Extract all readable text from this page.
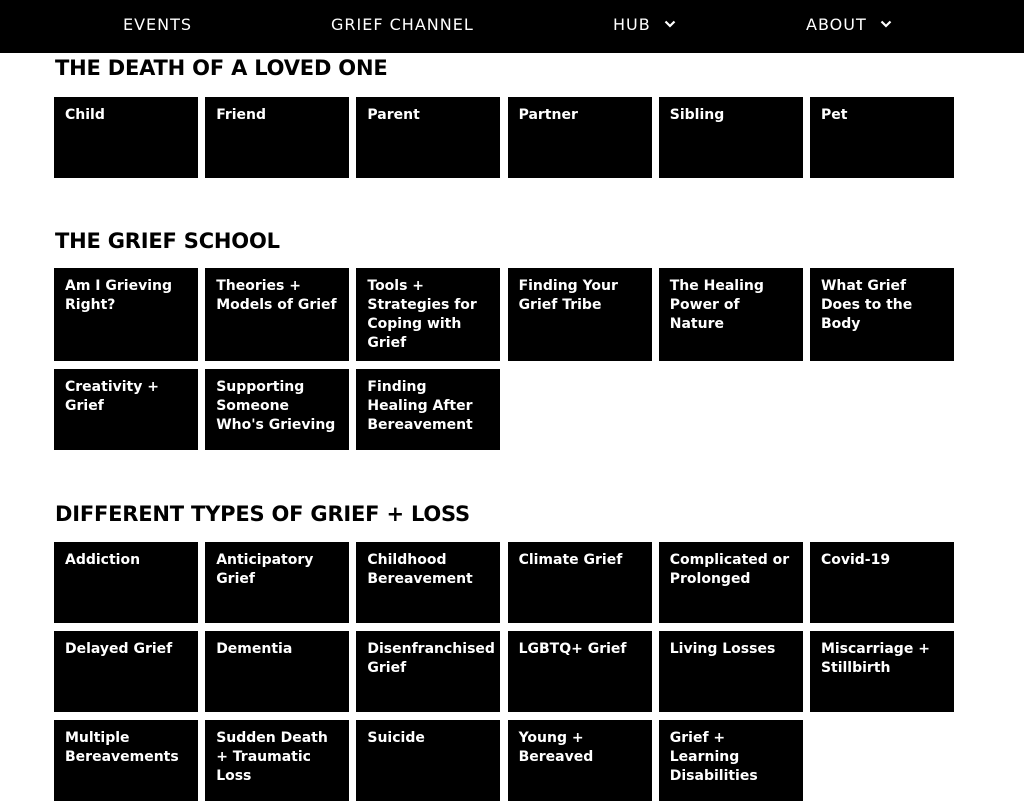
EVENTS	GRIEF CHANNEL	HUB	ABOUT
THE DEATH OF A LOVED ONE
Child	Friend	Parent	Partner	Sibling	Pet
THE GRIEF SCHOOL
Am I Grieving Right?
Theories + Models of Grief
Tools + Strategies for Coping with Grief
Finding Your Grief Tribe
The Healing Power of Nature
What Grief Does to the Body
Creativity + Grief
Supporting Someone Who's Grieving
Finding Healing After Bereavement
DIFFERENT TYPES OF GRIEF + LOSS
Addiction	Anticipatory Grief
Childhood Bereavement
Climate Grief	Complicated or Prolonged
Covid-19
Delayed Grief	Dementia	Disenfranchised Grief
LGBTQ+ Grief	Living Losses	Miscarriage + Stillbirth
Multiple Bereavements
Sudden Death + Traumatic Loss
Suicide	Young + Bereaved
Grief + Learning Disabilities
